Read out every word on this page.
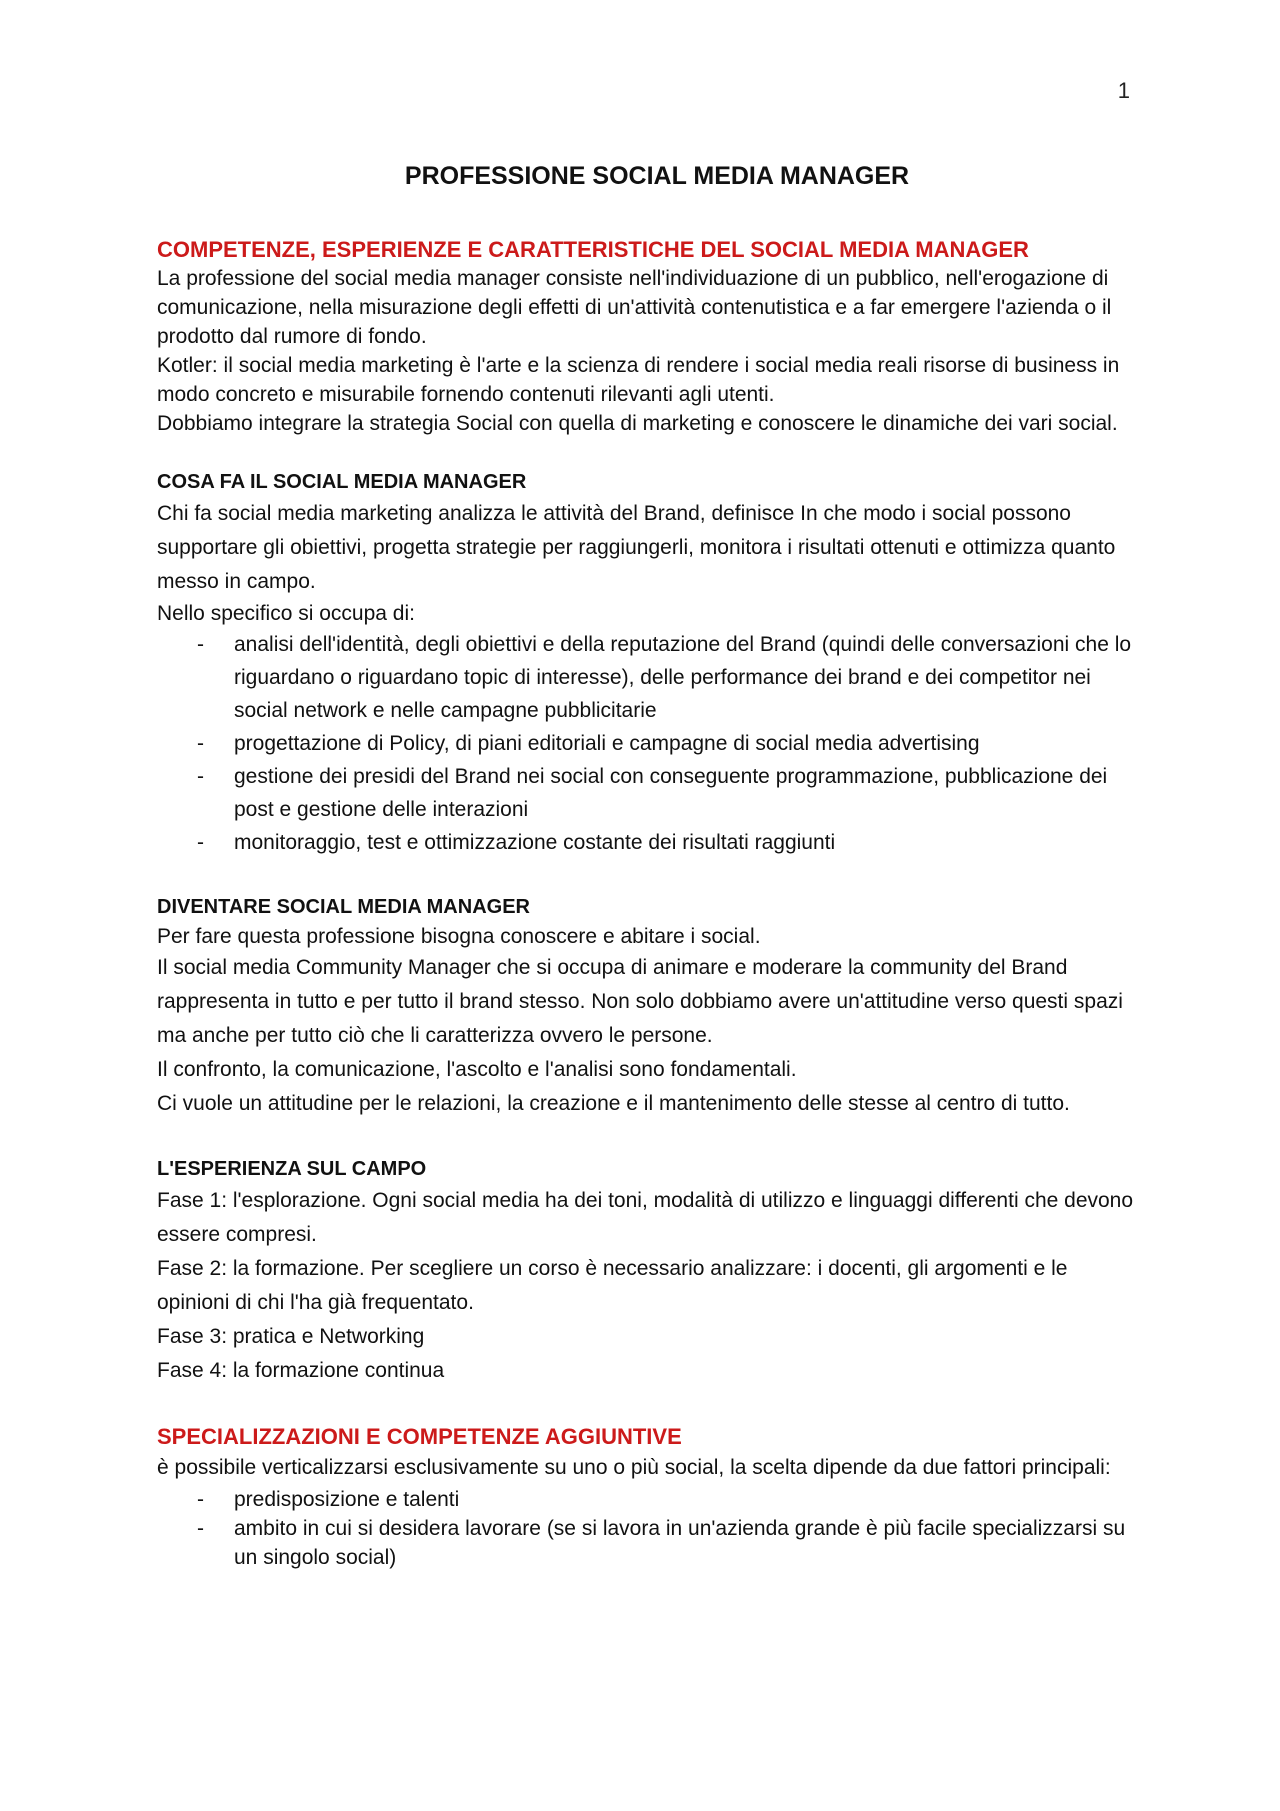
1
PROFESSIONE SOCIAL MEDIA MANAGER
COMPETENZE, ESPERIENZE E CARATTERISTICHE DEL SOCIAL MEDIA MANAGER

La professione del social media manager consiste nell'individuazione di un pubblico, nell'erogazione di comunicazione, nella misurazione degli effetti di un'attività contenutistica e a far emergere l'azienda o il prodotto dal rumore di fondo.

Kotler: il social media marketing è l'arte e la scienza di rendere i social media reali risorse di business in modo concreto e misurabile fornendo contenuti rilevanti agli utenti.

Dobbiamo integrare la strategia Social con quella di marketing e conoscere le dinamiche dei vari social.

COSA FA IL SOCIAL MEDIA MANAGER

Chi fa social media marketing analizza le attività del Brand, definisce In che modo i social possono supportare gli obiettivi, progetta strategie per raggiungerli, monitora i risultati ottenuti e ottimizza quanto messo in campo.

Nello specifico si occupa di:

- analisi dell'identità, degli obiettivi e della reputazione del Brand (quindi delle conversazioni che lo riguardano o riguardano topic di interesse), delle performance dei brand e dei competitor nei social network e nelle campagne pubblicitarie
- progettazione di Policy, di piani editoriali e campagne di social media advertising
- gestione dei presidi del Brand nei social con conseguente programmazione, pubblicazione dei post e gestione delle interazioni
- monitoraggio, test e ottimizzazione costante dei risultati raggiunti
DIVENTARE SOCIAL MEDIA MANAGER

Per fare questa professione bisogna conoscere e abitare i social.

Il social media Community Manager che si occupa di animare e moderare la community del Brand rappresenta in tutto e per tutto il brand stesso. Non solo dobbiamo avere un'attitudine verso questi spazi ma anche per tutto ciò che li caratterizza ovvero le persone.

Il confronto, la comunicazione, l'ascolto e l'analisi sono fondamentali.

Ci vuole un attitudine per le relazioni, la creazione e il mantenimento delle stesse al centro di tutto.

L'ESPERIENZA SUL CAMPO

Fase 1: l'esplorazione. Ogni social media ha dei toni, modalità di utilizzo e linguaggi differenti che devono essere compresi.

Fase 2: la formazione. Per scegliere un corso è necessario analizzare: i docenti, gli argomenti e le opinioni di chi l'ha già frequentato.

Fase 3: pratica e Networking

Fase 4: la formazione continua

SPECIALIZZAZIONI E COMPETENZE AGGIUNTIVE

è possibile verticalizzarsi esclusivamente su uno o più social, la scelta dipende da due fattori principali:

- predisposizione e talenti
- ambito in cui si desidera lavorare (se si lavora in un'azienda grande è più facile specializzarsi su un singolo social)
